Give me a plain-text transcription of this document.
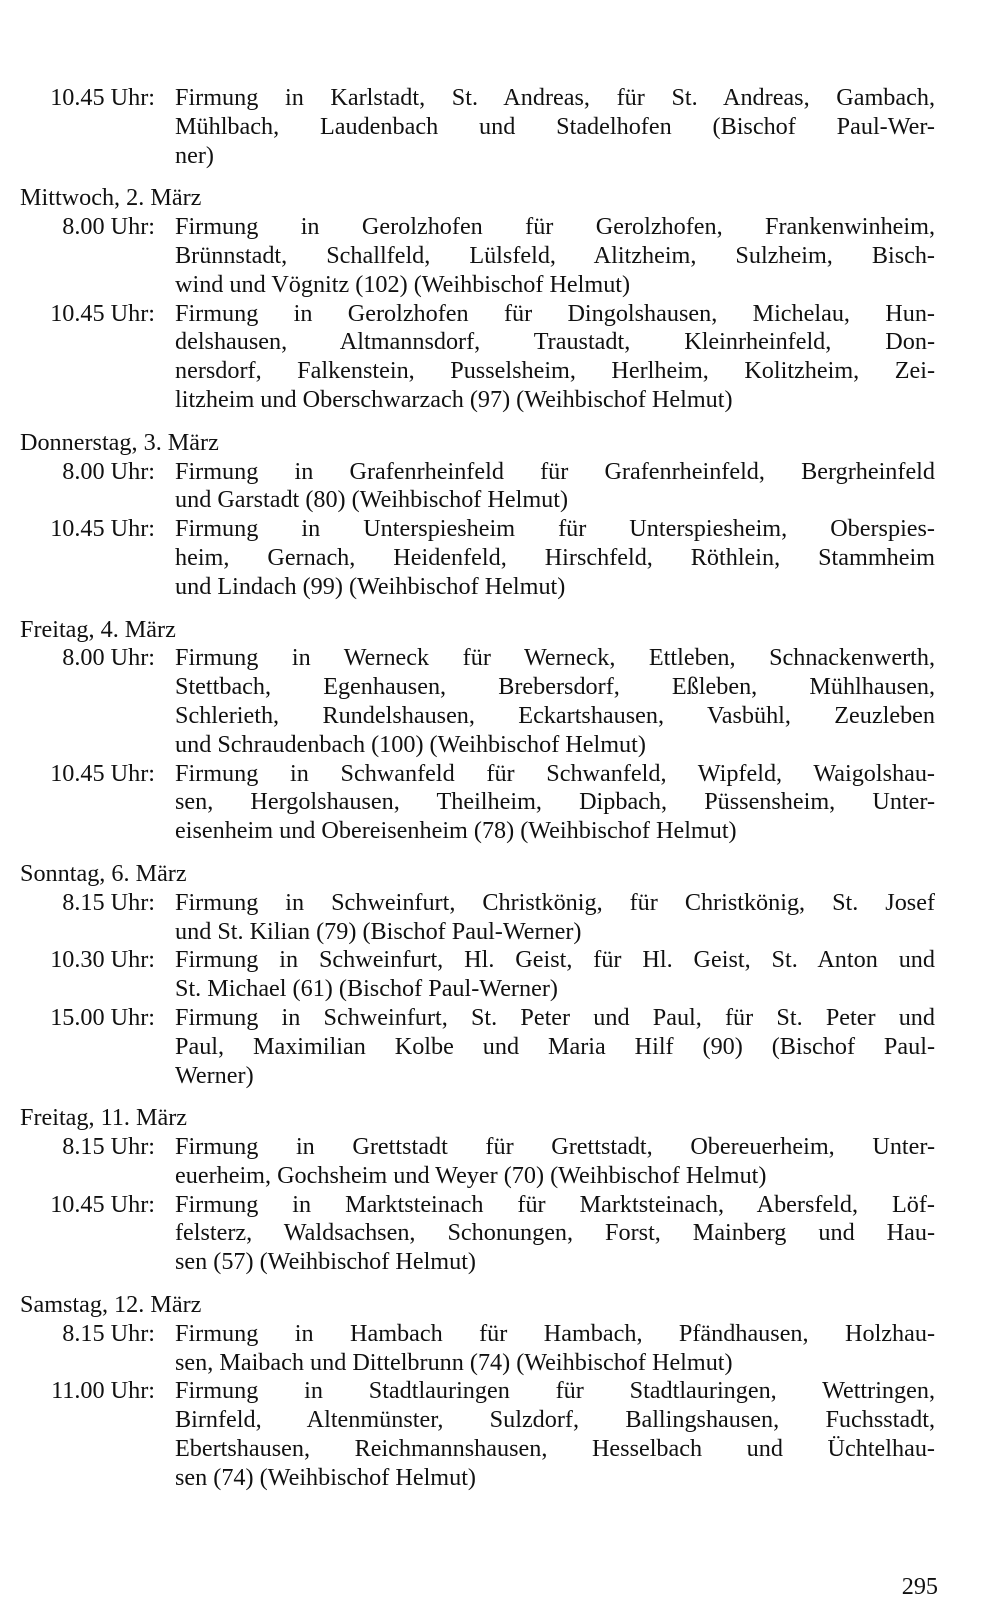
10.45 Uhr: Firmung in Karlstadt, St. Andreas, für St. Andreas, Gambach,
Mühlbach, Laudenbach und Stadelhofen (Bischof Paul-Wer-
ner)
Mittwoch, 2. März
8.00 Uhr: Firmung in Gerolzhofen für Gerolzhofen, Frankenwinheim,
Brünnstadt, Schallfeld, Lülsfeld, Alitzheim, Sulzheim, Bisch-
wind und Vögnitz (102) (Weihbischof Helmut)
10.45 Uhr: Firmung in Gerolzhofen für Dingolshausen, Michelau, Hun-
delshausen, Altmannsdorf, Traustadt, Kleinrheinfeld, Don-
nersdorf, Falkenstein, Pusselsheim, Herlheim, Kolitzheim, Zei-
litzheim und Oberschwarzach (97) (Weihbischof Helmut)
Donnerstag, 3. März
8.00 Uhr: Firmung in Grafenrheinfeld für Grafenrheinfeld, Bergrheinfeld
und Garstadt (80) (Weihbischof Helmut)
10.45 Uhr: Firmung in Unterspiesheim für Unterspiesheim, Oberspies-
heim, Gernach, Heidenfeld, Hirschfeld, Röthlein, Stammheim
und Lindach (99) (Weihbischof Helmut)
Freitag, 4. März
8.00 Uhr: Firmung in Werneck für Werneck, Ettleben, Schnackenwerth,
Stettbach, Egenhausen, Brebersdorf, Eßleben, Mühlhausen,
Schlerieth, Rundelshausen, Eckartshausen, Vasbühl, Zeuzleben
und Schraudenbach (100) (Weihbischof Helmut)
10.45 Uhr: Firmung in Schwanfeld für Schwanfeld, Wipfeld, Waigolshau-
sen, Hergolshausen, Theilheim, Dipbach, Püssensheim, Unter-
eisenheim und Obereisenheim (78) (Weihbischof Helmut)
Sonntag, 6. März
8.15 Uhr: Firmung in Schweinfurt, Christkönig, für Christkönig, St. Josef
und St. Kilian (79) (Bischof Paul-Werner)
10.30 Uhr: Firmung in Schweinfurt, Hl. Geist, für Hl. Geist, St. Anton und
St. Michael (61) (Bischof Paul-Werner)
15.00 Uhr: Firmung in Schweinfurt, St. Peter und Paul, für St. Peter und
Paul, Maximilian Kolbe und Maria Hilf (90) (Bischof Paul-
Werner)
Freitag, 11. März
8.15 Uhr: Firmung in Grettstadt für Grettstadt, Obereuerheim, Unter-
euerheim, Gochsheim und Weyer (70) (Weihbischof Helmut)
10.45 Uhr: Firmung in Marktsteinach für Marktsteinach, Abersfeld, Löf-
felsterz, Waldsachsen, Schonungen, Forst, Mainberg und Hau-
sen (57) (Weihbischof Helmut)
Samstag, 12. März
8.15 Uhr: Firmung in Hambach für Hambach, Pfändhausen, Holzhau-
sen, Maibach und Dittelbrunn (74) (Weihbischof Helmut)
11.00 Uhr: Firmung in Stadtlauringen für Stadtlauringen, Wettringen,
Birnfeld, Altenmünster, Sulzdorf, Ballingshausen, Fuchsstadt,
Ebertshausen, Reichmannshausen, Hesselbach und Üchtelhau-
sen (74) (Weihbischof Helmut)
295
